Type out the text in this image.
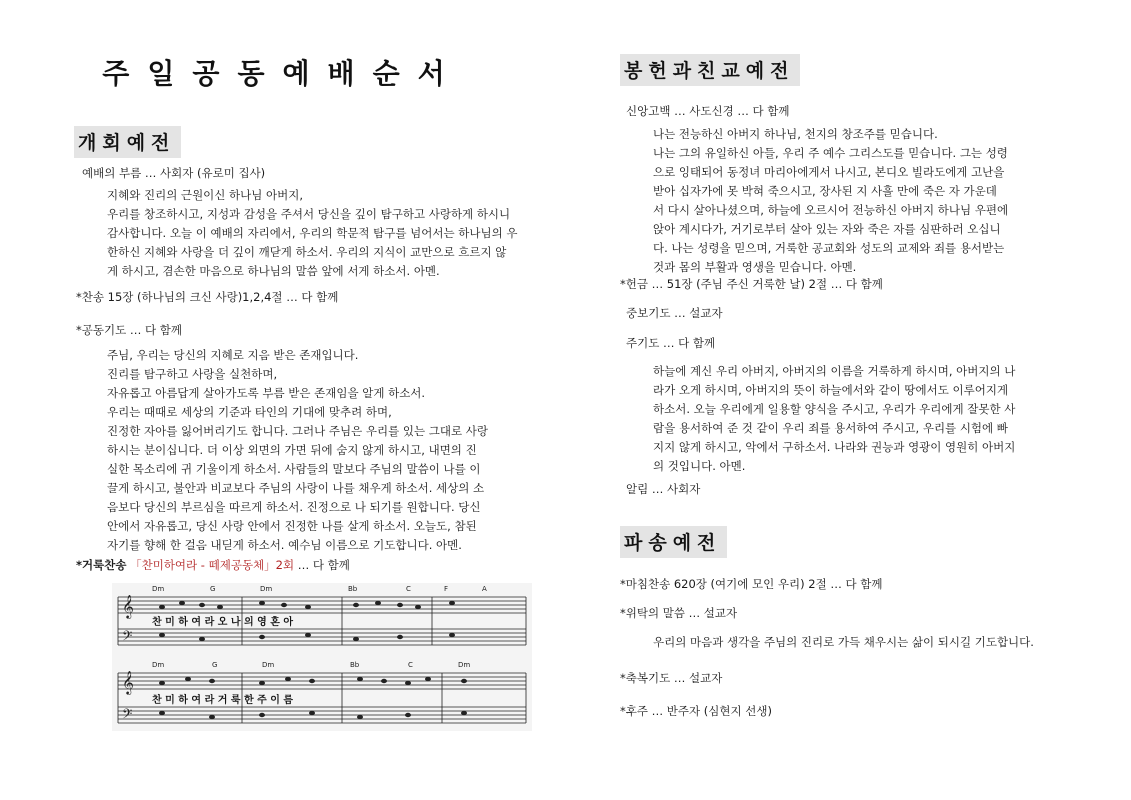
주일공동예배순서
개회예전
예배의 부름 … 사회자 (유로미 집사)

지혜와 진리의 근원이신 하나님 아버지,

우리를 창조하시고, 지성과 감성을 주셔서 당신을 깊이 탐구하고 사랑하게 하시니

감사합니다. 오늘 이 예배의 자리에서, 우리의 학문적 탐구를 넘어서는 하나님의 우

한하신 지혜와 사랑을 더 깊이 깨닫게 하소서. 우리의 지식이 교만으로 흐르지 않

게 하시고, 겸손한 마음으로 하나님의 말씀 앞에 서게 하소서. 아멘.

*찬송 15장 (하나님의 크신 사랑)1,2,4절 … 다 함께
*공동기도 … 다 함께

주님, 우리는 당신의 지혜로 지음 받은 존재입니다.

진리를 탐구하고 사랑을 실천하며,

자유롭고 아름답게 살아가도록 부름 받은 존재임을 알게 하소서.

우리는 때때로 세상의 기준과 타인의 기대에 맞추려 하며,

진정한 자아를 잃어버리기도 합니다. 그러나 주님은 우리를 있는 그대로 사랑

하시는 분이십니다. 더 이상 외면의 가면 뒤에 숨지 않게 하시고, 내면의 진

실한 목소리에 귀 기울이게 하소서. 사람들의 말보다 주님의 말씀이 나를 이

끌게 하시고, 불안과 비교보다 주님의 사랑이 나를 채우게 하소서. 세상의 소

음보다 당신의 부르심을 따르게 하소서. 진정으로 나 되기를 원합니다. 당신

안에서 자유롭고, 당신 사랑 안에서 진정한 나를 살게 하소서. 오늘도, 참된

자기를 향해 한 걸음 내딛게 하소서. 예수님 이름으로 기도합니다. 아멘.

*거룩찬송 「찬미하여라 - 떼제공동체」2회 … 다 함께
Dm	G	Dm	Bb	C	F	A
𝄞
𝄢
찬 미 하 여 라 오 나 의 영 혼 아
Dm	G	Dm	Bb	C	Dm
𝄞
𝄢
찬 미 하 여 라 거 룩 한 주 이 름
봉헌과친교예전
신앙고백 … 사도신경 … 다 함께

나는 전능하신 아버지 하나님, 천지의 창조주를 믿습니다.

나는 그의 유일하신 아들, 우리 주 예수 그리스도를 믿습니다. 그는 성령

으로 잉태되어 동정녀 마리아에게서 나시고, 본디오 빌라도에게 고난을

받아 십자가에 못 박혀 죽으시고, 장사된 지 사흘 만에 죽은 자 가운데

서 다시 살아나셨으며, 하늘에 오르시어 전능하신 아버지 하나님 우편에

앉아 계시다가, 거기로부터 살아 있는 자와 죽은 자를 심판하러 오십니

다. 나는 성령을 믿으며, 거룩한 공교회와 성도의 교제와 죄를 용서받는

것과 몸의 부활과 영생을 믿습니다. 아멘.

*헌금 … 51장 (주님 주신 거룩한 날) 2절 … 다 함께
중보기도 … 설교자
주기도 … 다 함께

하늘에 계신 우리 아버지, 아버지의 이름을 거룩하게 하시며, 아버지의 나

라가 오게 하시며, 아버지의 뜻이 하늘에서와 같이 땅에서도 이루어지게

하소서. 오늘 우리에게 일용할 양식을 주시고, 우리가 우리에게 잘못한 사

람을 용서하여 준 것 같이 우리 죄를 용서하여 주시고, 우리를 시험에 빠

지지 않게 하시고, 악에서 구하소서. 나라와 권능과 영광이 영원히 아버지

의 것입니다. 아멘.

알림 … 사회자
파송예전
*마침찬송 620장 (여기에 모인 우리) 2절 … 다 함께
*위탁의 말씀 … 설교자
우리의 마음과 생각을 주님의 진리로 가득 채우시는 삶이 되시길 기도합니다.
*축복기도 … 설교자
*후주 … 반주자 (심현지 선생)
